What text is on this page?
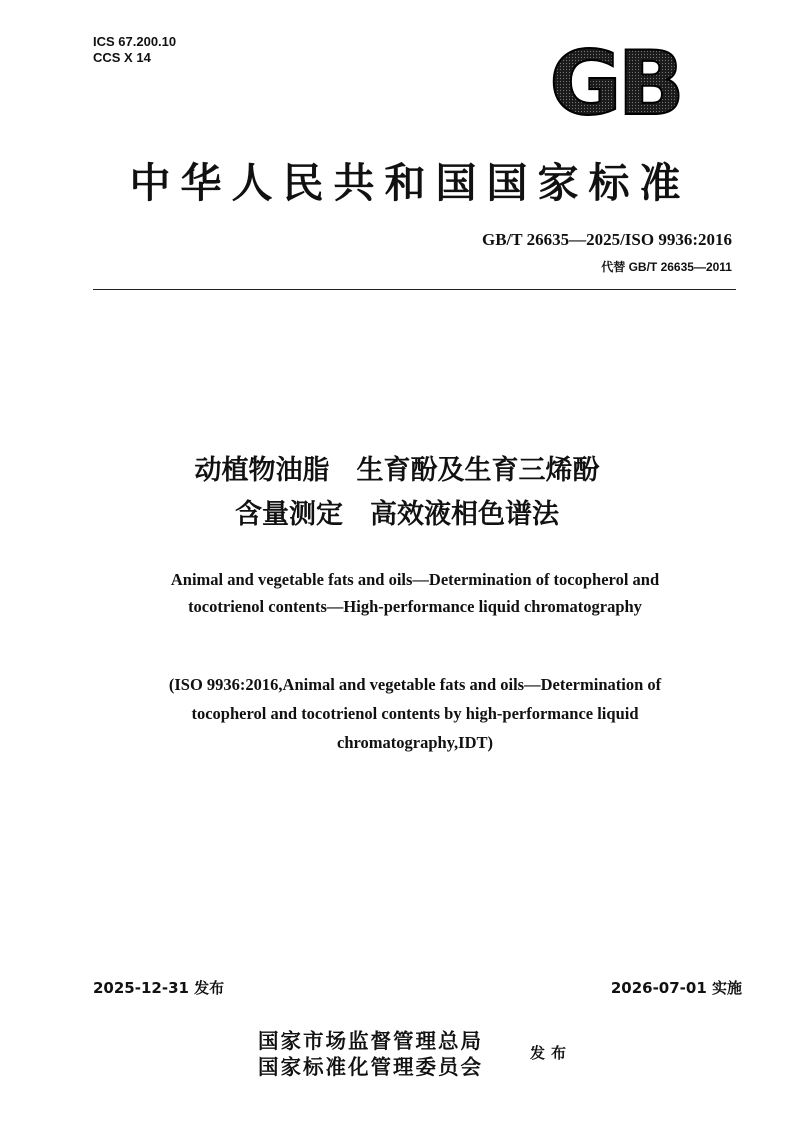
ICS 67.200.10
CCS X 14	GB
中华人民共和国国家标准
GB/T 26635—2025/ISO 9936:2016
代替 GB/T 26635—2011
动植物油脂　生育酚及生育三烯酚
含量测定　高效液相色谱法
Animal and vegetable fats and oils—Determination of tocopherol and
tocotrienol contents—High-performance liquid chromatography
(ISO 9936:2016,Animal and vegetable fats and oils—Determination of
tocopherol and tocotrienol contents by high-performance liquid
chromatography,IDT)
2025-12-31 发布	2026-07-01 实施
国家市场监督管理总局
国家标准化管理委员会
发布
